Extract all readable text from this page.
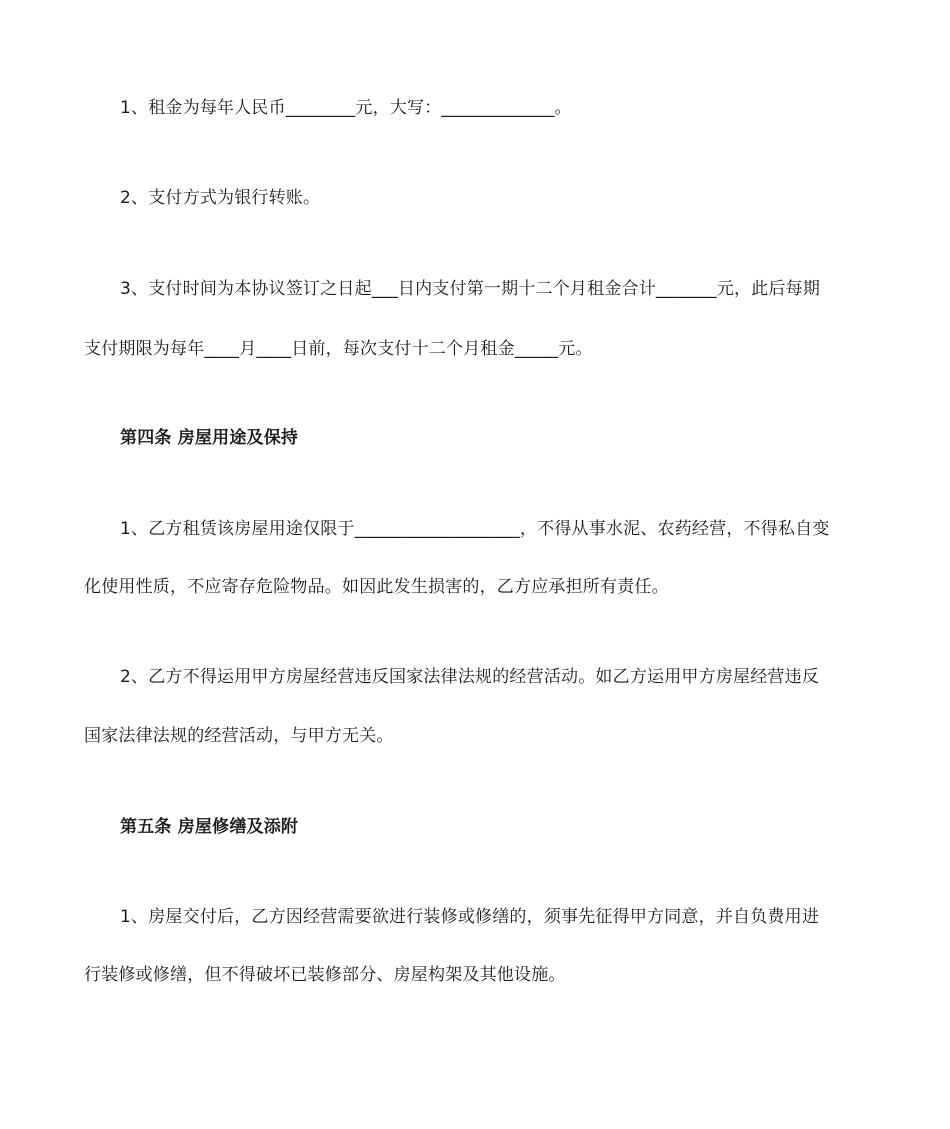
1、租金为每年人民币________元，大写：_____________。
2、支付方式为银行转账。
3、支付时间为本协议签订之日起___日内支付第一期十二个月租金合计_______元，此后每期
支付期限为每年____月____日前，每次支付十二个月租金_____元。
第四条 房屋用途及保持
1、乙方租赁该房屋用途仅限于___________________，不得从事水泥、农药经营，不得私自变
化使用性质，不应寄存危险物品。如因此发生损害的，乙方应承担所有责任。
2、乙方不得运用甲方房屋经营违反国家法律法规的经营活动。如乙方运用甲方房屋经营违反
国家法律法规的经营活动，与甲方无关。
第五条 房屋修缮及添附
1、房屋交付后，乙方因经营需要欲进行装修或修缮的，须事先征得甲方同意，并自负费用进
行装修或修缮，但不得破坏已装修部分、房屋构架及其他设施。
